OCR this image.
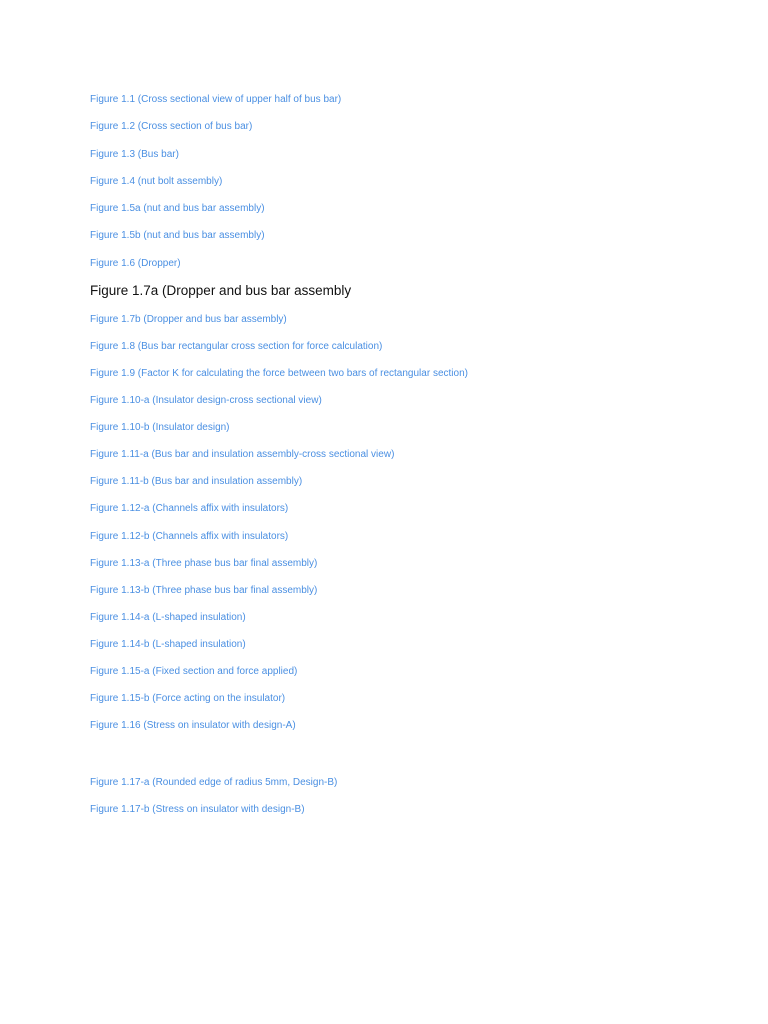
Figure 1.1 (Cross sectional view of upper half of bus bar)
Figure 1.2 (Cross section of bus bar)
Figure 1.3 (Bus bar)
Figure 1.4 (nut bolt assembly)
Figure 1.5a (nut and bus bar assembly)
Figure 1.5b (nut and bus bar assembly)
Figure 1.6 (Dropper)
Figure 1.7a (Dropper and bus bar assembly
Figure 1.7b (Dropper and bus bar assembly)
Figure 1.8 (Bus bar rectangular cross section for force calculation)
Figure 1.9 (Factor K for calculating the force between two bars of rectangular section)
Figure 1.10-a (Insulator design-cross sectional view)
Figure 1.10-b (Insulator design)
Figure 1.11-a (Bus bar and insulation assembly-cross sectional view)
Figure 1.11-b (Bus bar and insulation assembly)
Figure 1.12-a (Channels affix with insulators)
Figure 1.12-b (Channels affix with insulators)
Figure 1.13-a (Three phase bus bar final assembly)
Figure 1.13-b (Three phase bus bar final assembly)
Figure 1.14-a (L-shaped insulation)
Figure 1.14-b (L-shaped insulation)
Figure 1.15-a (Fixed section and force applied)
Figure 1.15-b (Force acting on the insulator)
Figure 1.16 (Stress on insulator with design-A)
Figure 1.17-a (Rounded edge of radius 5mm, Design-B)
Figure 1.17-b (Stress on insulator with design-B)
